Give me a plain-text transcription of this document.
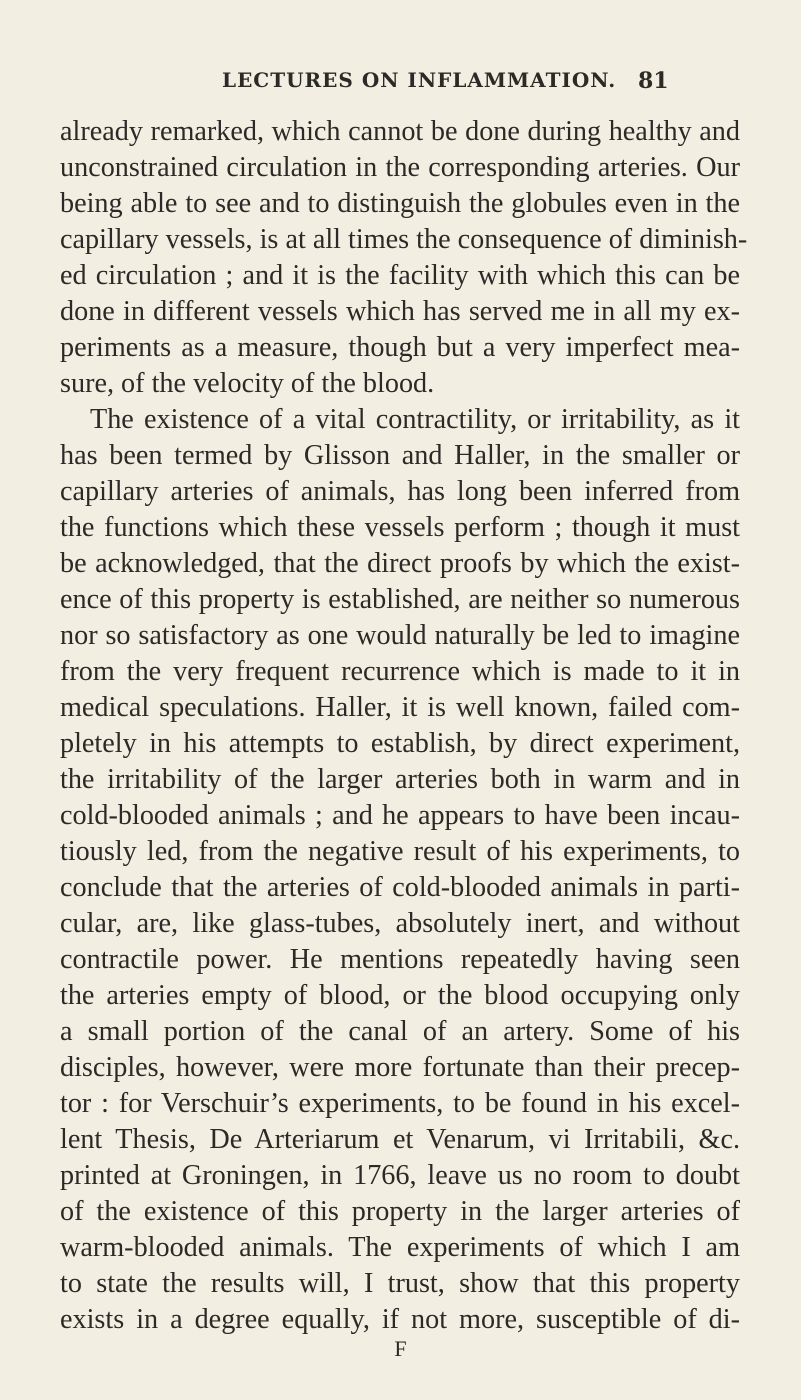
LECTURES ON INFLAMMATION. 81
already remarked, which cannot be done during healthy and
unconstrained circulation in the corresponding arteries. Our
being able to see and to distinguish the globules even in the
capillary vessels, is at all times the consequence of diminish-
ed circulation ; and it is the facility with which this can be
done in different vessels which has served me in all my ex-
periments as a measure, though but a very imperfect mea-
sure, of the velocity of the blood.
The existence of a vital contractility, or irritability, as it
has been termed by Glisson and Haller, in the smaller or
capillary arteries of animals, has long been inferred from
the functions which these vessels perform ; though it must
be acknowledged, that the direct proofs by which the exist-
ence of this property is established, are neither so numerous
nor so satisfactory as one would naturally be led to imagine
from the very frequent recurrence which is made to it in
medical speculations. Haller, it is well known, failed com-
pletely in his attempts to establish, by direct experiment,
the irritability of the larger arteries both in warm and in
cold-blooded animals ; and he appears to have been incau-
tiously led, from the negative result of his experiments, to
conclude that the arteries of cold-blooded animals in parti-
cular, are, like glass-tubes, absolutely inert, and without
contractile power. He mentions repeatedly having seen
the arteries empty of blood, or the blood occupying only
a small portion of the canal of an artery. Some of his
disciples, however, were more fortunate than their precep-
tor : for Verschuir’s experiments, to be found in his excel-
lent Thesis, De Arteriarum et Venarum, vi Irritabili, &c.
printed at Groningen, in 1766, leave us no room to doubt
of the existence of this property in the larger arteries of
warm-blooded animals. The experiments of which I am
to state the results will, I trust, show that this property
exists in a degree equally, if not more, susceptible of di-
F
